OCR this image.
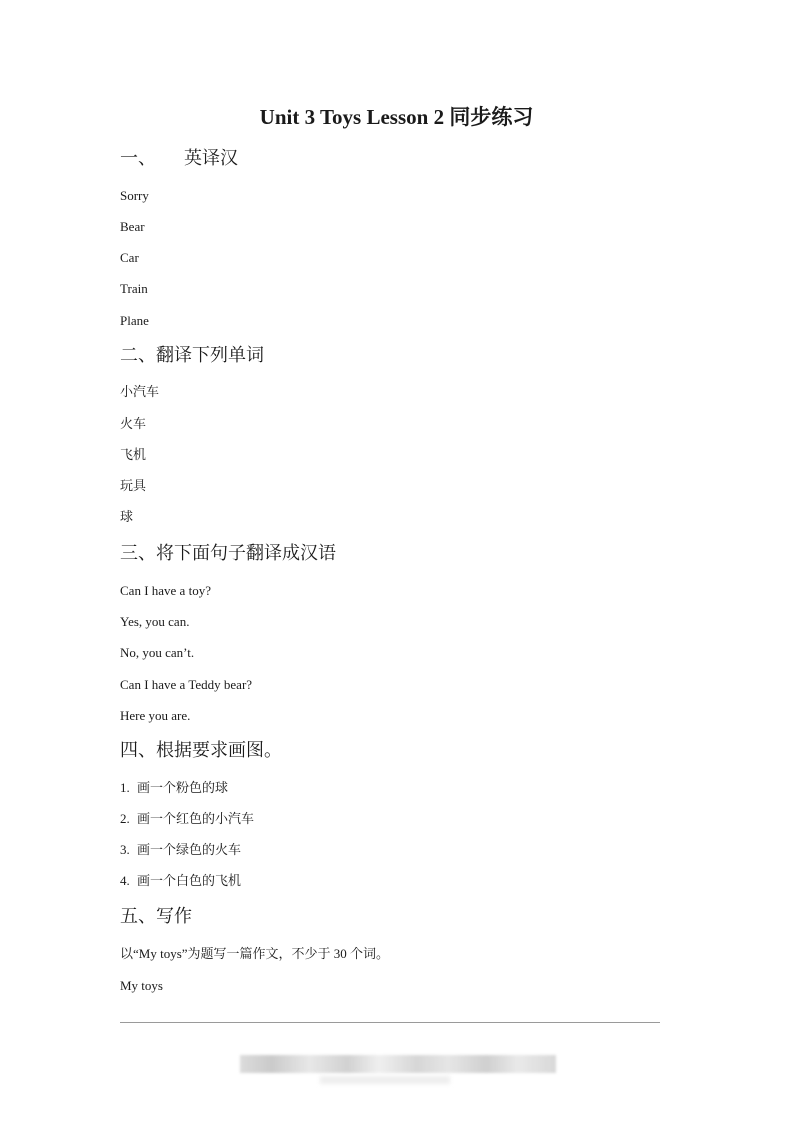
Unit 3 Toys Lesson 2 同步练习
一、 英译汉
Sorry
Bear
Car
Train
Plane
二、翻译下列单词
小汽车
火车
飞机
玩具
球
三、将下面句子翻译成汉语
Can I have a toy?
Yes, you can.
No, you can’t.
Can I have a Teddy bear?
Here you are.
四、根据要求画图。
1. 画一个粉色的球
2. 画一个红色的小汽车
3. 画一个绿色的火车
4. 画一个白色的飞机
五、写作
以“My toys”为题写一篇作文，不少于 30 个词。
My toys
